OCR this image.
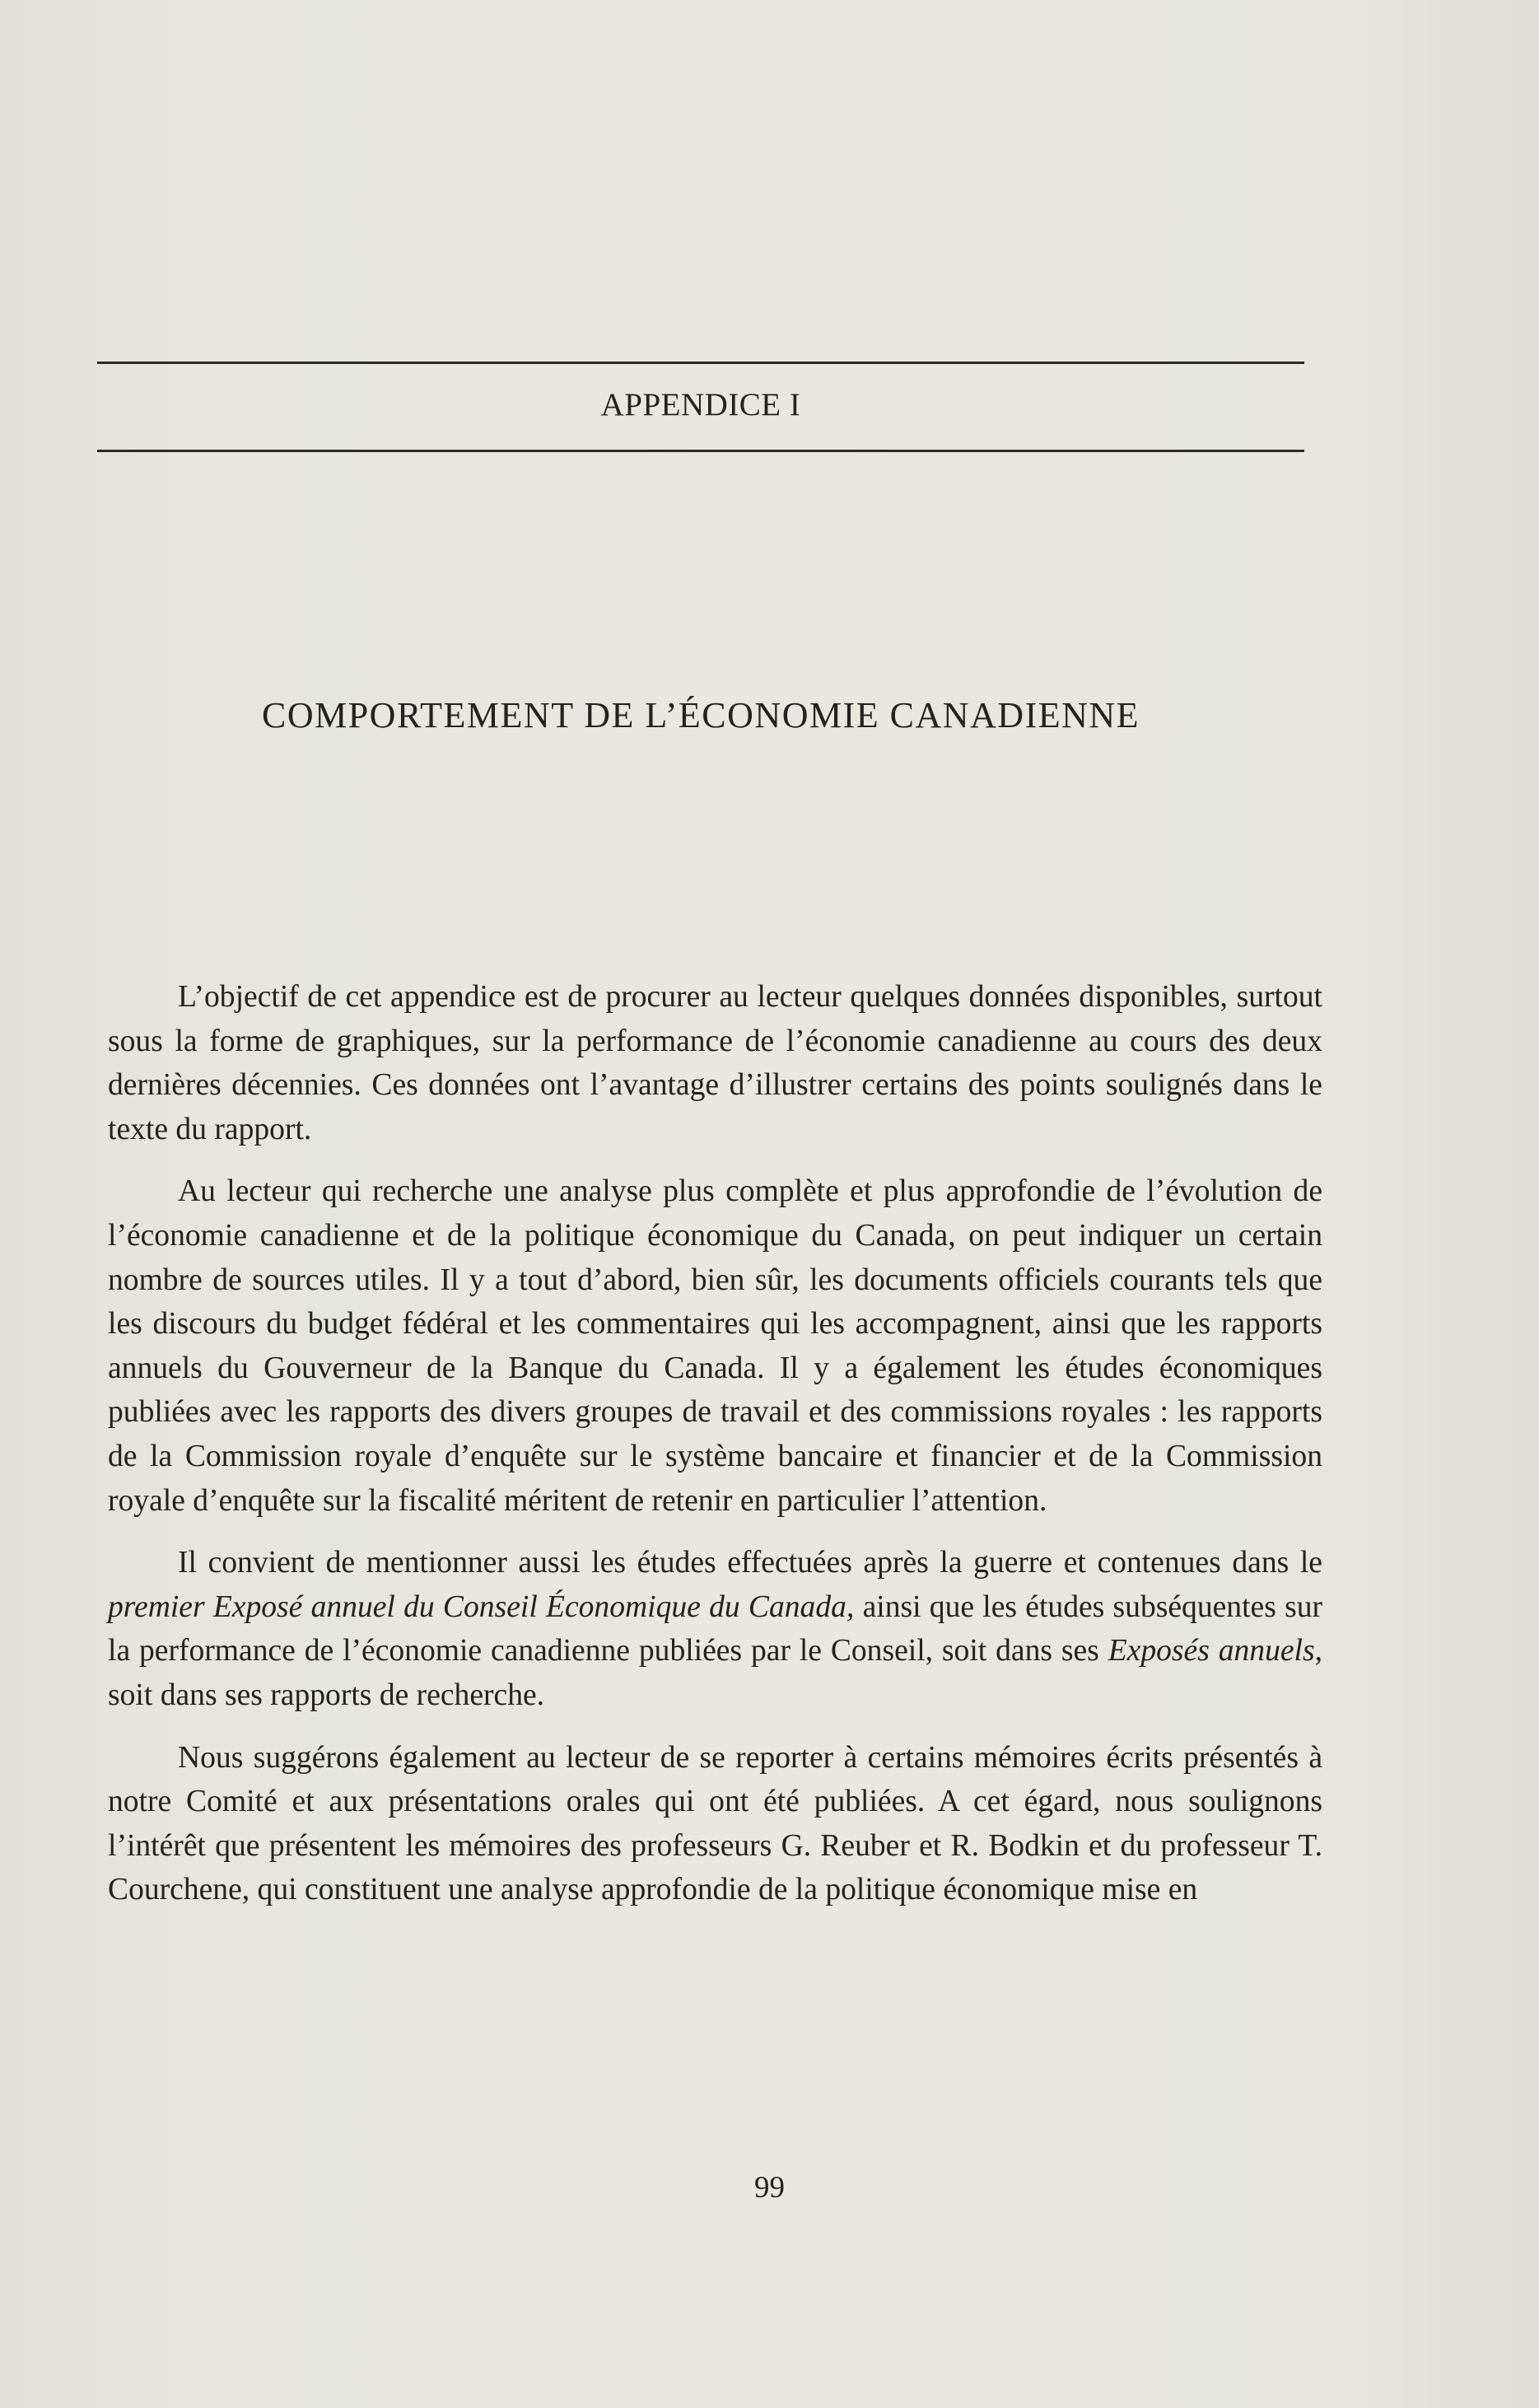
APPENDICE I
COMPORTEMENT DE L’ÉCONOMIE CANADIENNE

L’objectif de cet appendice est de procurer au lecteur quelques données disponibles, surtout sous la forme de graphiques, sur la performance de l’économie canadienne au cours des deux dernières décennies. Ces données ont l’avantage d’illustrer certains des points soulignés dans le texte du rapport.

Au lecteur qui recherche une analyse plus complète et plus approfondie de l’évolution de l’économie canadienne et de la politique économique du Canada, on peut indiquer un certain nombre de sources utiles. Il y a tout d’abord, bien sûr, les documents officiels courants tels que les discours du budget fédéral et les commentaires qui les accompagnent, ainsi que les rapports annuels du Gouverneur de la Banque du Canada. Il y a également les études économiques publiées avec les rapports des divers groupes de travail et des commissions royales : les rapports de la Commission royale d’enquête sur le système bancaire et financier et de la Commission royale d’enquête sur la fiscalité méritent de retenir en particulier l’attention.

Il convient de mentionner aussi les études effectuées après la guerre et contenues dans le premier Exposé annuel du Conseil Économique du Canada, ainsi que les études subséquentes sur la performance de l’économie canadienne publiées par le Conseil, soit dans ses Exposés annuels, soit dans ses rapports de recherche.

Nous suggérons également au lecteur de se reporter à certains mémoires écrits présentés à notre Comité et aux présentations orales qui ont été publiées. A cet égard, nous soulignons l’intérêt que présentent les mémoires des professeurs G. Reuber et R. Bodkin et du professeur T. Courchene, qui constituent une analyse approfondie de la politique économique mise en

99
